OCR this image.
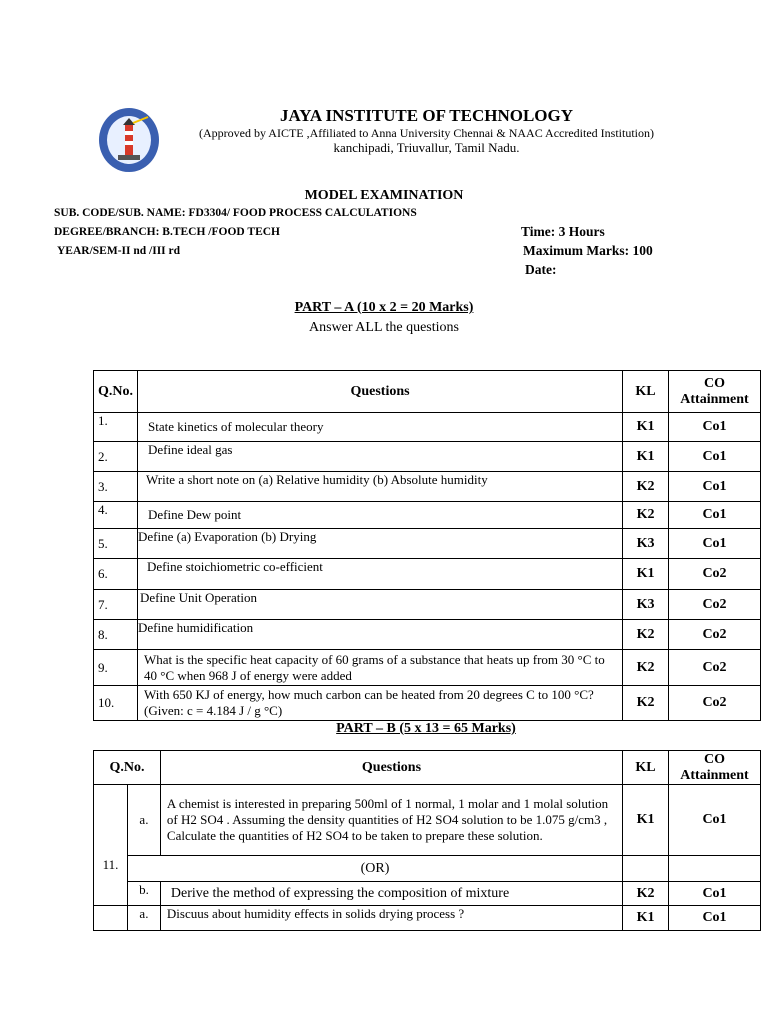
JAYA INSTITUTE OF TECHNOLOGY
(Approved by AICTE ,Affiliated to Anna University Chennai & NAAC Accredited Institution)
kanchipadi, Triuvallur, Tamil Nadu.
MODEL EXAMINATION
SUB. CODE/SUB. NAME: FD3304/ FOOD PROCESS CALCULATIONS
DEGREE/BRANCH: B.TECH /FOOD TECH
YEAR/SEM-II nd /III rd
Time: 3 Hours
Maximum Marks: 100
Date:
PART – A (10 x 2 = 20 Marks)
Answer ALL the questions
Q.No.	Questions	KL	CO Attainment
1.	State kinetics of molecular theory	K1	Co1
2.	Define ideal gas	K1	Co1
3.	Write a short note on (a) Relative humidity (b) Absolute humidity	K2	Co1
4.	Define Dew point	K2	Co1
5.	Define (a) Evaporation (b) Drying	K3	Co1
6.	Define stoichiometric co-efficient	K1	Co2
7.	Define Unit Operation	K3	Co2
8.	Define humidification	K2	Co2
9.	What is the specific heat capacity of 60 grams of a substance that heats up from 30 °C to 40 °C when 968 J of energy were added	K2	Co2
10.	With 650 KJ of energy, how much carbon can be heated from 20 degrees C to 100 °C? (Given: c = 4.184 J / g °C)	K2	Co2
PART – B (5 x 13 = 65 Marks)
Q.No.		Questions	KL	CO Attainment
11.	a.	A chemist is interested in preparing 500ml of 1 normal, 1 molar and 1 molal solution of H2 SO4 . Assuming the density quantities of H2 SO4 solution to be 1.075 g/cm3 , Calculate the quantities of H2 SO4 to be taken to prepare these solution.	K1	Co1
	(OR)			
	b.	Derive the method of expressing the composition of mixture	K2	Co1
	a.	Discuus about humidity effects in solids drying process ?	K1	Co1
